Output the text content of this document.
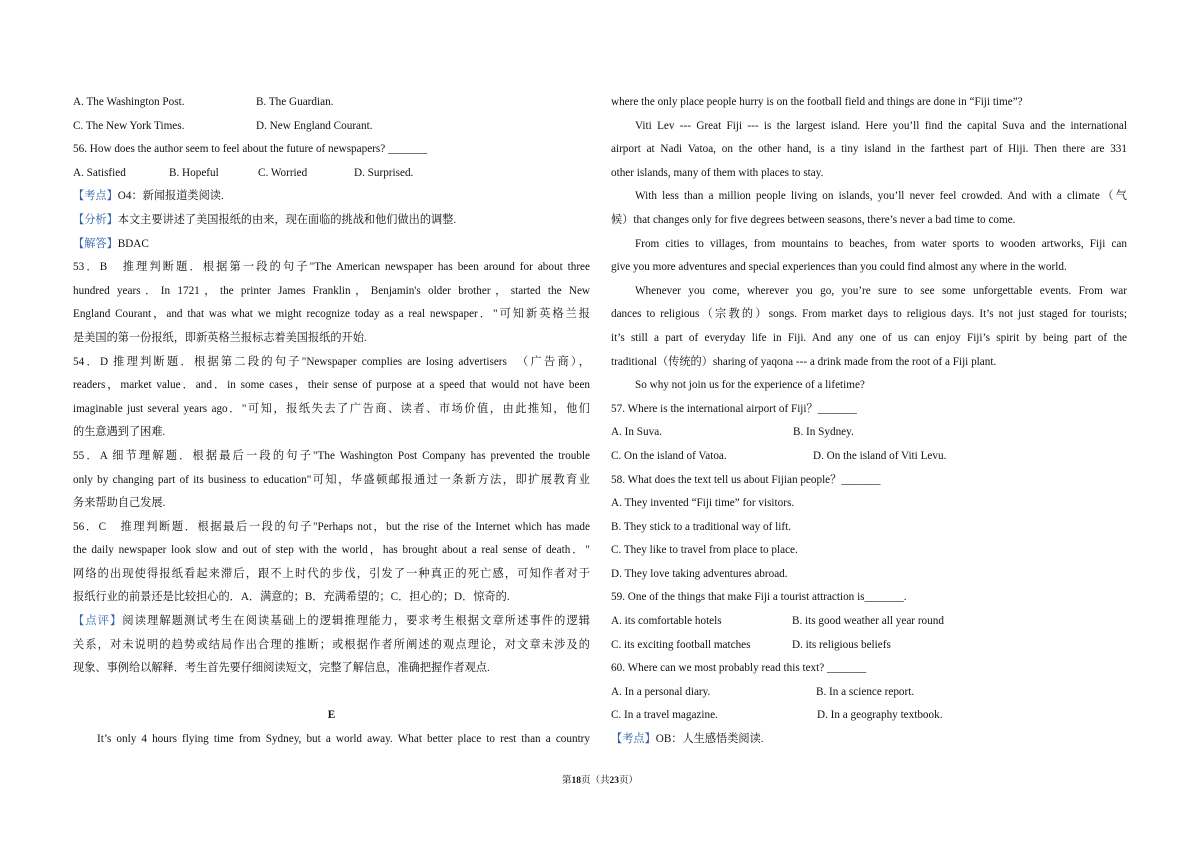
A. The Washington Post.	B. The Guardian.
C. The New York Times.	D. New England Courant.
56. How does the author seem to feel about the future of newspapers? _______
A. Satisfied	B. Hopeful	C. Worried	D. Surprised.
【考点】O4：新闻报道类阅读.
【分析】本文主要讲述了美国报纸的由来，现在面临的挑战和他们做出的调整.
【解答】BDAC
53．B　推理判断题．根据第一段的句子"The American newspaper has been around for about three
hundred years．In 1721，the printer James Franklin，Benjamin's older brother，started the New
England Courant，and that was what we might recognize today as a real newspaper．"可知新英格兰报
是美国的第一份报纸，即新英格兰报标志着美国报纸的开始.
54．D 推理判断题．根据第二段的句子"Newspaper complies are losing advertisers　（广告商），
readers，market value．and．in some cases，their sense of purpose at a speed that would not have been
imaginable just several years ago．"可知，报纸失去了广告商、读者、市场价值，由此推知，他们
的生意遇到了困难.
55．A 细节理解题．根据最后一段的句子"The Washington Post Company has prevented the trouble
only by changing part of its business to education"可知，华盛顿邮报通过一条新方法，即扩展教育业
务来帮助自己发展.
56．C　推理判断题．根据最后一段的句子"Perhaps not，but the rise of the Internet which has made
the daily newspaper look slow and out of step with the world，has brought about a real sense of death．"
网络的出现使得报纸看起来滞后，跟不上时代的步伐，引发了一种真正的死亡感，可知作者对于
报纸行业的前景还是比较担心的．A．满意的；B．充满希望的；C．担心的；D．惊奇的.
【点评】阅读理解题测试考生在阅读基础上的逻辑推理能力，要求考生根据文章所述事件的逻辑
关系，对未说明的趋势或结局作出合理的推断；或根据作者所阐述的观点理论，对文章未涉及的
现象、事例给以解释．考生首先要仔细阅读短文，完整了解信息，准确把握作者观点.
E
It’s only 4 hours flying time from Sydney, but a world away. What better place to rest than a country
where the only place people hurry is on the football field and things are done in “Fiji time”?
Viti Lev --- Great Fiji --- is the largest island. Here you’ll find the capital Suva and the international
airport at Nadi Vatoa, on the other hand, is a tiny island in the farthest part of Hiji. Then there are 331
other islands, many of them with places to stay.
With less than a million people living on islands, you’ll never feel crowded. And with a climate（气
候）that changes only for five degrees between seasons, there’s never a bad time to come.
From cities to villages, from mountains to beaches, from water sports to wooden artworks, Fiji can
give you more adventures and special experiences than you could find almost any where in the world.
Whenever you come, wherever you go, you’re sure to see some unforgettable events. From war
dances to religious（宗教的）songs. From market days to religious days. It’s not just staged for tourists;
it’s still a part of everyday life in Fiji. And any one of us can enjoy Fiji’s spirit by being part of the
traditional（传统的）sharing of yaqona --- a drink made from the root of a Fiji plant.
So why not join us for the experience of a lifetime?
57. Where is the international airport of Fiji？_______
A. In Suva.	B. In Sydney.
C. On the island of Vatoa.	D. On the island of Viti Levu.
58. What does the text tell us about Fijian people？_______
A. They invented “Fiji time” for visitors.
B. They stick to a traditional way of lift.
C. They like to travel from place to place.
D. They love taking adventures abroad.
59. One of the things that make Fiji a tourist attraction is_______.
A. its comfortable hotels	B. its good weather all year round
C. its exciting football matches	D. its religious beliefs
60. Where can we most probably read this text? _______
A. In a personal diary.	B. In a science report.
C. In a travel magazine.	D. In a geography textbook.
【考点】OB：人生感悟类阅读.
第18页（共23页）
